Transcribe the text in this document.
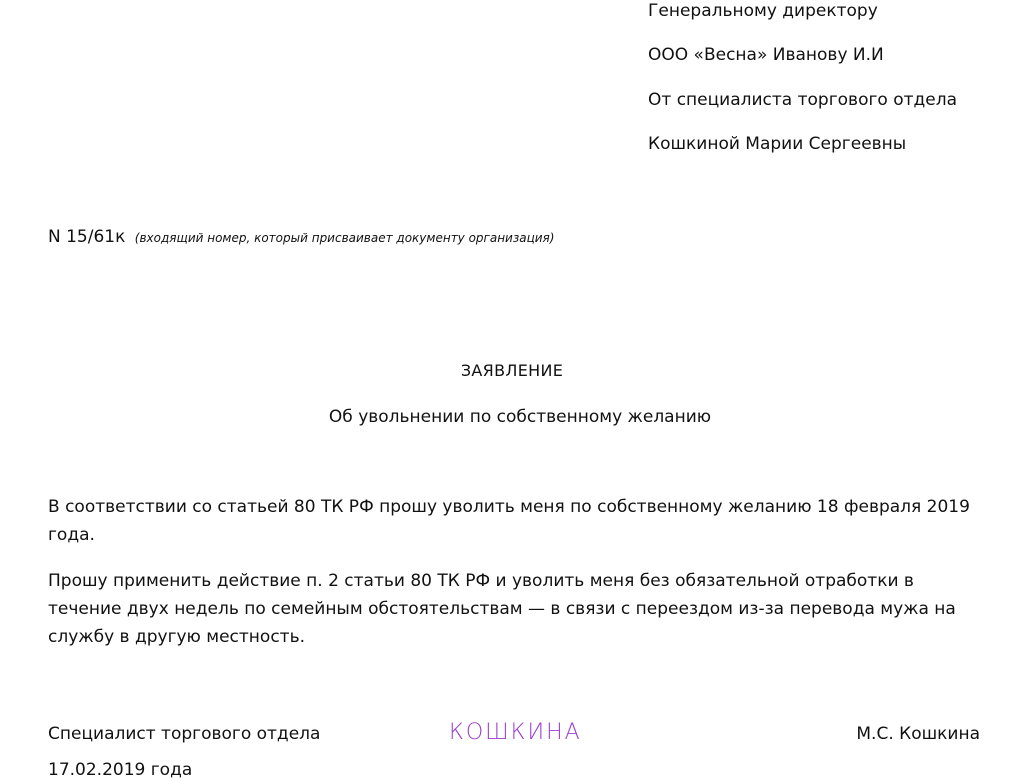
Генеральному директору
ООО «Весна» Иванову И.И
От специалиста торгового отдела
Кошкиной Марии Сергеевны
N 15/61к (входящий номер, который присваивает документу организация)
ЗАЯВЛЕНИЕ
Об увольнении по собственному желанию
В соответствии со статьей 80 ТК РФ прошу уволить меня по собственному желанию 18 февраля 2019 года.
Прошу применить действие п. 2 статьи 80 ТК РФ и уволить меня без обязательной отработки в течение двух недель по семейным обстоятельствам — в связи с переездом из-за перевода мужа на службу в другую местность.
Специалист торгового отдела	КОШКИНА	М.С. Кошкина
17.02.2019 года
